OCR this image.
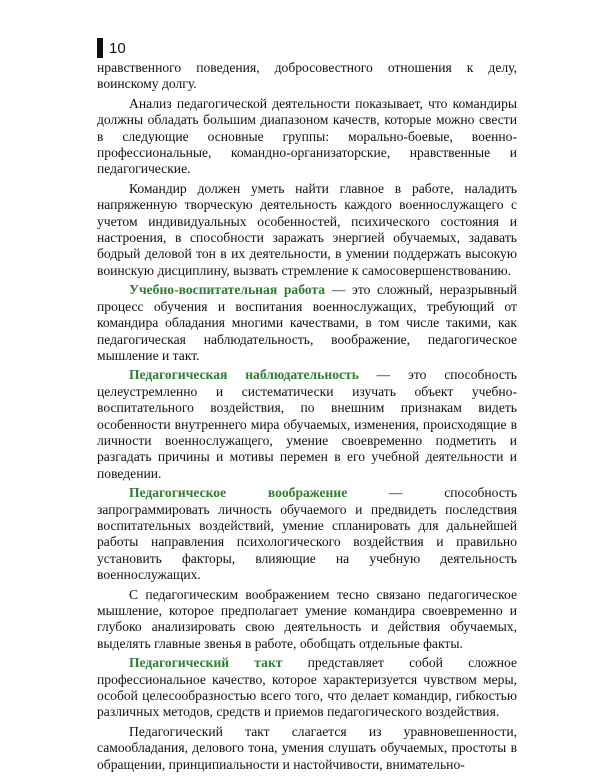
10

нравственного поведения, добросовестного отношения к делу, воинскому долгу.

Анализ педагогической деятельности показывает, что командиры должны обладать большим диапазоном качеств, которые можно свести в следующие основные группы: морально-боевые, военно-профессиональные, командно-организаторские, нравственные и педагогические.

Командир должен уметь найти главное в работе, наладить напряженную творческую деятельность каждого военнослужащего с учетом индивидуальных особенностей, психического состояния и настроения, в способности заражать энергией обучаемых, задавать бодрый деловой тон в их деятельности, в умении поддержать высокую воинскую дисциплину, вызвать стремление к самосовершенствованию.

Учебно-воспитательная работа — это сложный, неразрывный процесс обучения и воспитания военнослужащих, требующий от командира обладания многими качествами, в том числе такими, как педагогическая наблюдательность, воображение, педагогическое мышление и такт.

Педагогическая наблюдательность — это способность целеустремленно и систематически изучать объект учебно-воспитательного воздействия, по внешним признакам видеть особенности внутреннего мира обучаемых, изменения, происходящие в личности военнослужащего, умение своевременно подметить и разгадать причины и мотивы перемен в его учебной деятельности и поведении.

Педагогическое воображение — способность запрограммировать личность обучаемого и предвидеть последствия воспитательных воздействий, умение спланировать для дальнейшей работы направления психологического воздействия и правильно установить факторы, влияющие на учебную деятельность военнослужащих.

С педагогическим воображением тесно связано педагогическое мышление, которое предполагает умение командира своевременно и глубоко анализировать свою деятельность и действия обучаемых, выделять главные звенья в работе, обобщать отдельные факты.

Педагогический такт представляет собой сложное профессиональное качество, которое характеризуется чувством меры, особой целесообразностью всего того, что делает командир, гибкостью различных методов, средств и приемов педагогического воздействия.

Педагогический такт слагается из уравновешенности, самообладания, делового тона, умения слушать обучаемых, простоты в обращении, принципиальности и настойчивости, внимательно-
